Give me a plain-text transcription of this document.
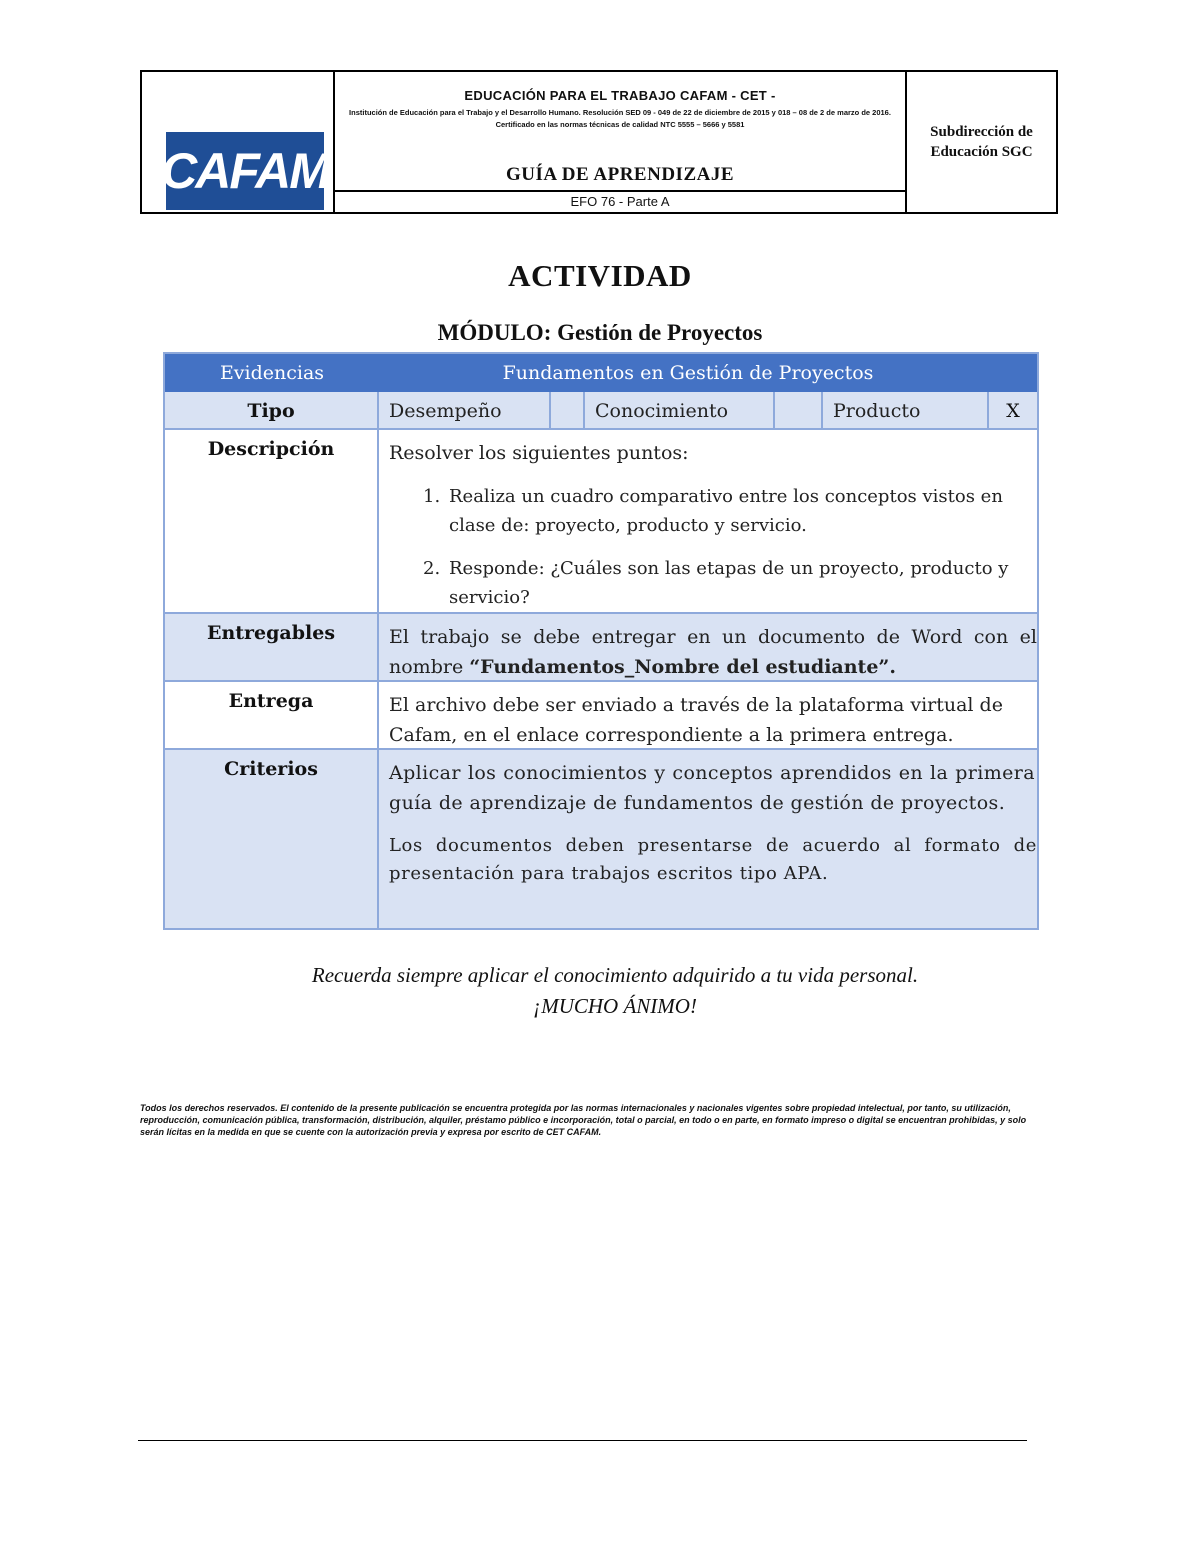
CAFAM
EDUCACIÓN PARA EL TRABAJO CAFAM - CET -
Institución de Educación para el Trabajo y el Desarrollo Humano. Resolución SED 09 - 049 de 22 de diciembre de 2015 y 018 – 08 de 2 de marzo de 2016. Certificado en las normas técnicas de calidad NTC 5555 – 5666 y 5581
GUÍA DE APRENDIZAJE
EFO 76 - Parte A
Subdirección de
Educación SGC
ACTIVIDAD
MÓDULO: Gestión de Proyectos
Evidencias	Fundamentos en Gestión de Proyectos
Tipo	Desempeño	Conocimiento	Producto	X
Descripción	Resolver los siguientes puntos:
1. Realiza un cuadro comparativo entre los conceptos vistos en clase de: proyecto, producto y servicio.
2. Responde: ¿Cuáles son las etapas de un proyecto, producto y servicio?
Entregables	El trabajo se debe entregar en un documento de Word con el nombre “Fundamentos_Nombre del estudiante”.
Entrega	El archivo debe ser enviado a través de la plataforma virtual de Cafam, en el enlace correspondiente a la primera entrega.
Criterios	Aplicar los conocimientos y conceptos aprendidos en la primera guía de aprendizaje de fundamentos de gestión de proyectos.
Los documentos deben presentarse de acuerdo al formato de presentación para trabajos escritos tipo APA.
Recuerda siempre aplicar el conocimiento adquirido a tu vida personal.
¡MUCHO ÁNIMO!
Todos los derechos reservados. El contenido de la presente publicación se encuentra protegida por las normas internacionales y nacionales vigentes sobre propiedad intelectual, por tanto, su utilización, reproducción, comunicación pública, transformación, distribución, alquiler, préstamo público e incorporación, total o parcial, en todo o en parte, en formato impreso o digital se encuentran prohibidas, y solo serán lícitas en la medida en que se cuente con la autorización previa y expresa por escrito de CET CAFAM.
